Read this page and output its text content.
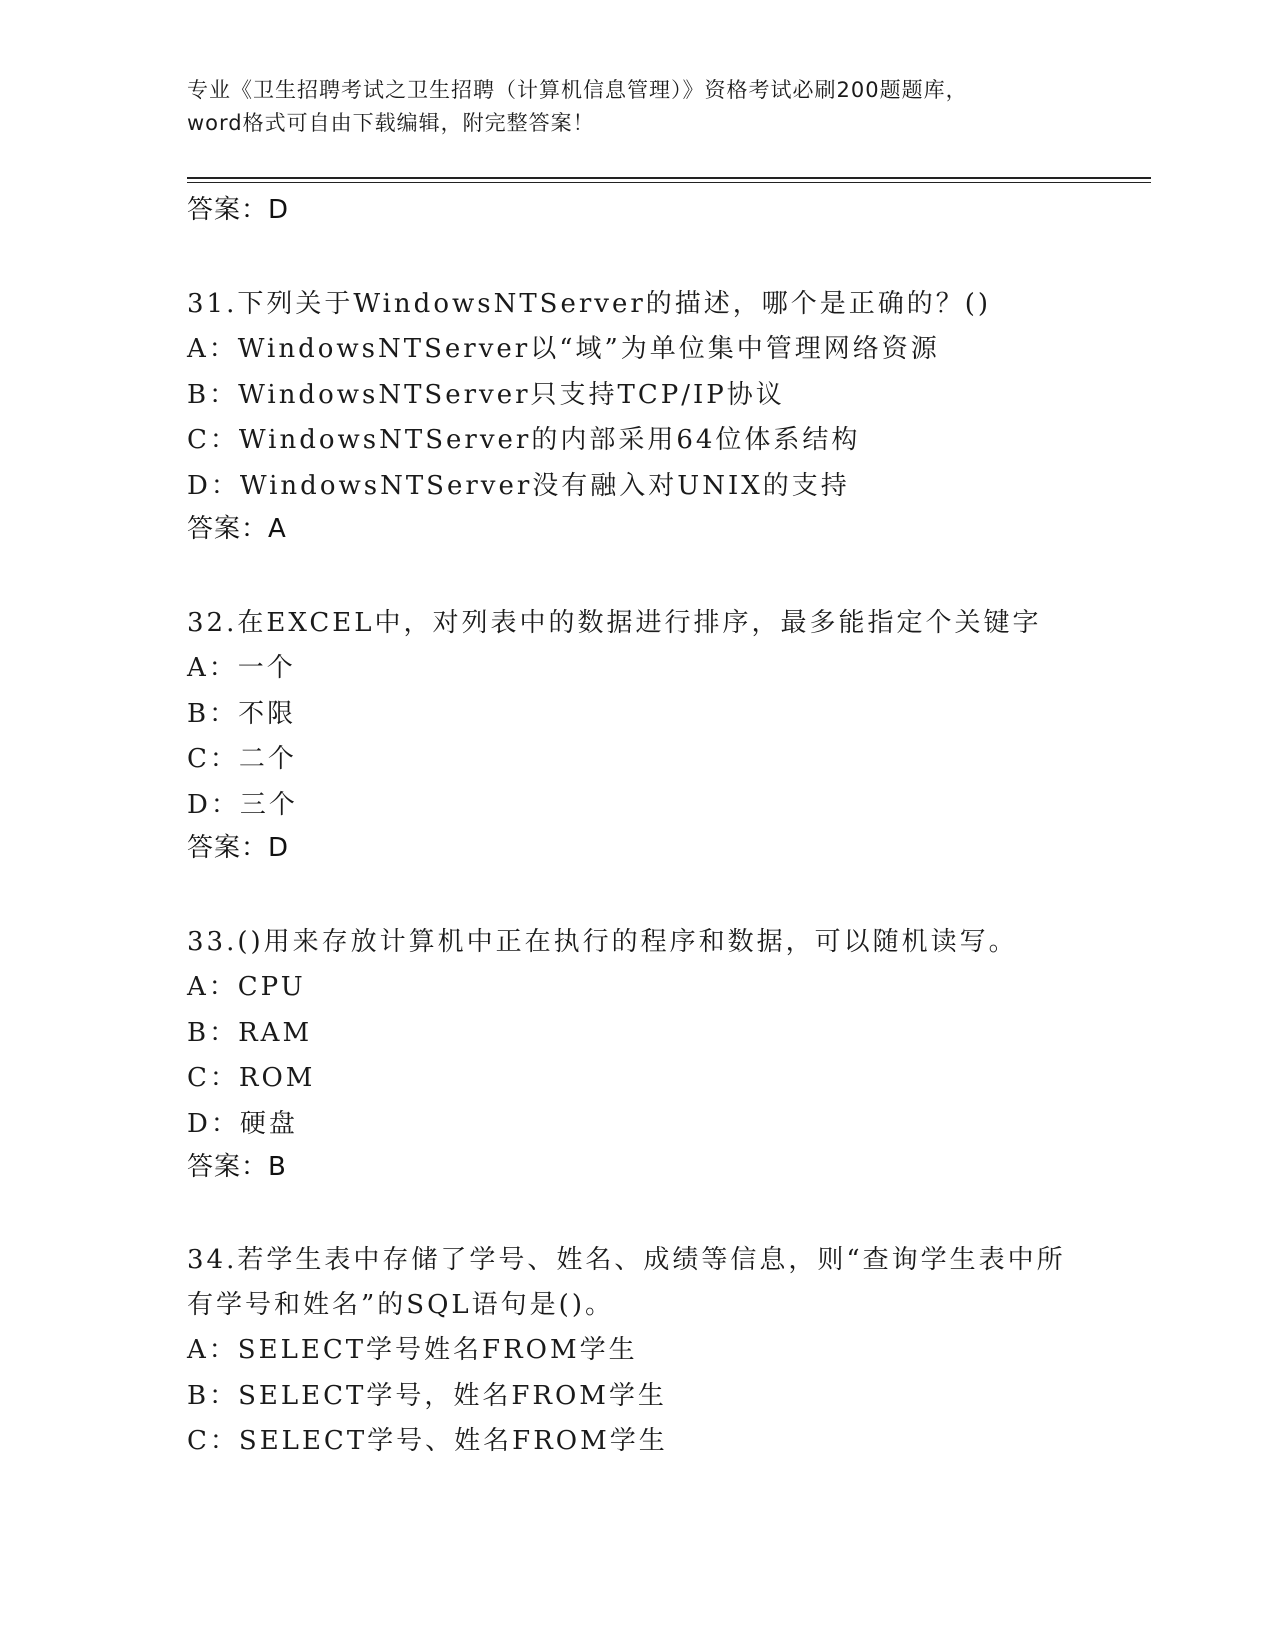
专业《卫生招聘考试之卫生招聘（计算机信息管理）》资格考试必刷200题题库，
word格式可自由下载编辑，附完整答案！
答案：D
31.下列关于WindowsNTServer的描述，哪个是正确的？()
A：WindowsNTServer以“域”为单位集中管理网络资源
B：WindowsNTServer只支持TCP/IP协议
C：WindowsNTServer的内部采用64位体系结构
D：WindowsNTServer没有融入对UNIX的支持
答案：A
32.在EXCEL中，对列表中的数据进行排序，最多能指定个关键字
A：一个
B：不限
C：二个
D：三个
答案：D
33.()用来存放计算机中正在执行的程序和数据，可以随机读写。
A：CPU
B：RAM
C：ROM
D：硬盘
答案：B
34.若学生表中存储了学号、姓名、成绩等信息，则“查询学生表中所
有学号和姓名”的SQL语句是()。
A：SELECT学号姓名FROM学生
B：SELECT学号，姓名FROM学生
C：SELECT学号、姓名FROM学生
